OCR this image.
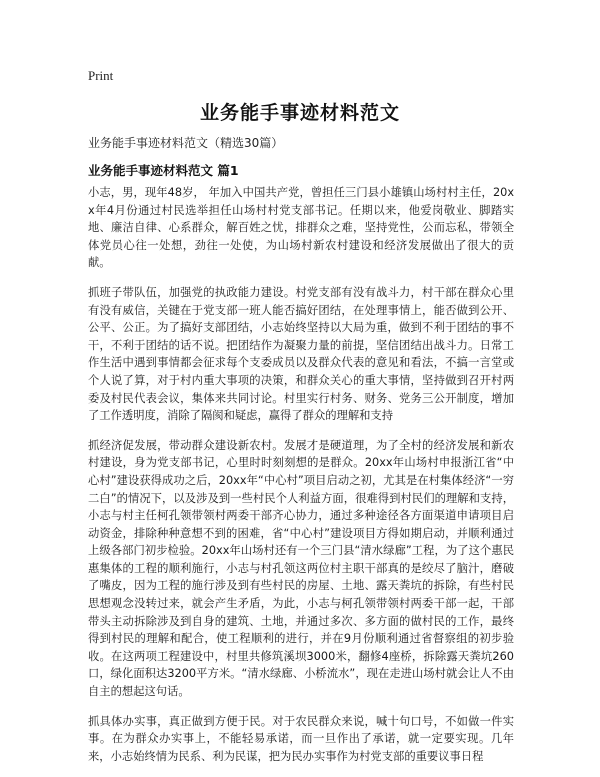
Print
业务能手事迹材料范文
业务能手事迹材料范文（精选30篇）
业务能手事迹材料范文 篇1

小志，男，现年48岁， 年加入中国共产党，曾担任三门县小雄镇山场村村主任，20xx年4月份通过村民选举担任山场村村党支部书记。任期以来，他爱岗敬业、脚踏实地、廉洁自律、心系群众，解百姓之忧，排群众之难，坚持党性，公而忘私，带领全体党员心往一处想，劲往一处使，为山场村新农村建设和经济发展做出了很大的贡献。

抓班子带队伍，加强党的执政能力建设。村党支部有没有战斗力，村干部在群众心里有没有威信，关键在于党支部一班人能否搞好团结，在处理事情上，能否做到公开、公平、公正。为了搞好支部团结，小志始终坚持以大局为重，做到不利于团结的事不干，不利于团结的话不说。把团结作为凝聚力量的前提，坚信团结出战斗力。日常工作生活中遇到事情都会征求每个支委成员以及群众代表的意见和看法，不搞一言堂或个人说了算，对于村内重大事项的决策，和群众关心的重大事情，坚持做到召开村两委及村民代表会议，集体来共同讨论。村里实行村务、财务、党务三公开制度，增加了工作透明度，消除了隔阂和疑虑，赢得了群众的理解和支持

抓经济促发展，带动群众建设新农村。发展才是硬道理，为了全村的经济发展和新农村建设，身为党支部书记，心里时时刻刻想的是群众。20xx年山场村申报浙江省“中心村”建设获得成功之后，20xx年“中心村”项目启动之初，尤其是在村集体经济“一穷二白”的情况下，以及涉及到一些村民个人利益方面，很难得到村民们的理解和支持，小志与村主任柯孔领带领村两委干部齐心协力，通过多种途径各方面渠道申请项目启动资金，排除种种意想不到的困难，省“中心村”建设项目方得如期启动，并顺利通过上级各部门初步检验。20xx年山场村还有一个三门县“清水绿廊”工程，为了这个惠民惠集体的工程的顺利施行，小志与村孔领这两位村主职干部真的是绞尽了脑汁，磨破了嘴皮，因为工程的施行涉及到有些村民的房屋、土地、露天粪坑的拆除，有些村民思想观念没转过来，就会产生矛盾，为此，小志与柯孔领带领村两委干部一起，干部带头主动拆除涉及到自身的建筑、土地，并通过多次、多方面的做村民的工作，最终得到村民的理解和配合，使工程顺利的进行，并在9月份顺利通过省督察组的初步验收。在这两项工程建设中，村里共修筑溪坝3000米，翻修4座桥，拆除露天粪坑260 口，绿化面积达3200平方米。“清水绿廊、小桥流水”，现在走进山场村就会让人不由自主的想起这句话。

抓具体办实事，真正做到方便于民。对于农民群众来说，喊十句口号，不如做一件实事。在为群众办实事上，不能轻易承诺，而一旦作出了承诺，就一定要实现。几年来，小志始终情为民系、利为民谋，把为民办实事作为村党支部的重要议事日程
